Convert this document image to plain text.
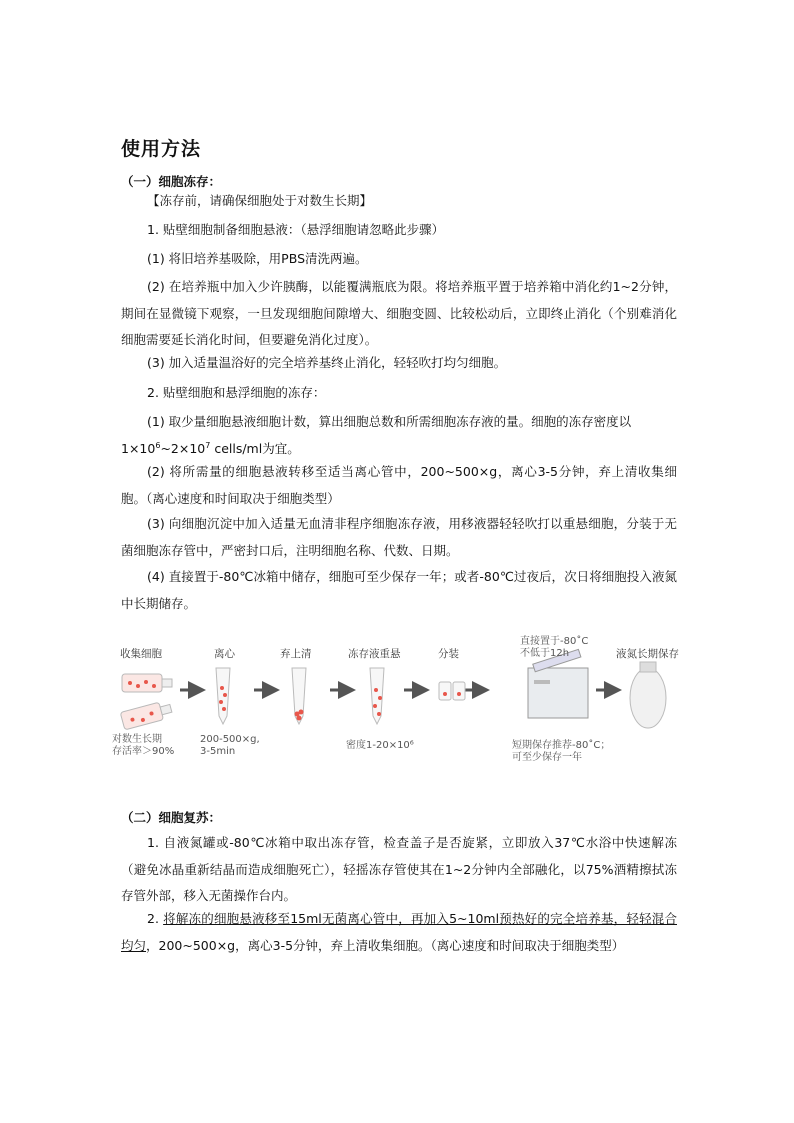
使用方法
（一）细胞冻存：
【冻存前，请确保细胞处于对数生长期】
1. 贴壁细胞制备细胞悬液：（悬浮细胞请忽略此步骤）
(1) 将旧培养基吸除，用PBS清洗两遍。
(2) 在培养瓶中加入少许胰酶，以能覆满瓶底为限。将培养瓶平置于培养箱中消化约1~2分钟，期间在显微镜下观察，一旦发现细胞间隙增大、细胞变圆、比较松动后，立即终止消化（个别难消化细胞需要延长消化时间，但要避免消化过度）。
(3) 加入适量温浴好的完全培养基终止消化，轻轻吹打均匀细胞。
2. 贴壁细胞和悬浮细胞的冻存：
(1) 取少量细胞悬液细胞计数，算出细胞总数和所需细胞冻存液的量。细胞的冻存密度以
$1\times 10^6\sim 2\times 10^7$ cells/ml为宜。
(2) 将所需量的细胞悬液转移至适当离心管中，200~500×g，离心3-5分钟，弃上清收集细胞。（离心速度和时间取决于细胞类型）
(3) 向细胞沉淀中加入适量无血清非程序细胞冻存液，用移液器轻轻吹打以重悬细胞，分装于无菌细胞冻存管中，严密封口后，注明细胞名称、代数、日期。
(4) 直接置于-80℃冰箱中储存，细胞可至少保存一年；或者-80℃过夜后，次日将细胞投入液氮中长期储存。
收集细胞	离心	弃上清	冻存液重悬	分装
直接置于-80˚C
不低于12h	液氮长期保存
对数生长期
存活率＞90%
200-500×g,
3-5min
密度1-20×10⁶	短期保存推荐-80˚C；
可至少保存一年
（二）细胞复苏：
1. 自液氮罐或-80℃冰箱中取出冻存管，检查盖子是否旋紧，立即放入37℃水浴中快速解冻（避免冰晶重新结晶而造成细胞死亡），轻摇冻存管使其在1~2分钟内全部融化，以75%酒精擦拭冻存管外部，移入无菌操作台内。
2. 将解冻的细胞悬液移至15ml无菌离心管中，再加入5~10ml预热好的完全培养基，轻轻混合均匀，200~500×g，离心3-5分钟，弃上清收集细胞。（离心速度和时间取决于细胞类型）
